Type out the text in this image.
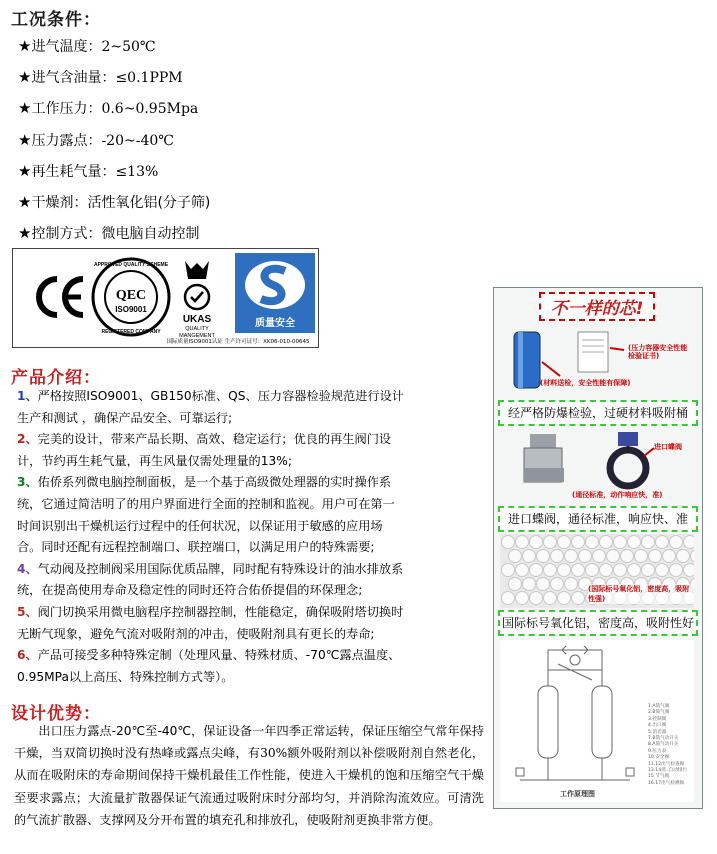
工况条件：
★进气温度：2~50℃
★进气含油量：≤0.1PPM
★工作压力：0.6~0.95Mpa
★压力露点：-20~-40℃
★再生耗气量：≤13%
★干燥剂：活性氧化铝(分子筛)
★控制方式：微电脑自动控制
APPROVED QUALITY SCHEME
QEC
ISO9001
REGISTERED COMPANY
UKAS
QUALITY
MANGEMENT
质量安全
国际质量ISO9001认证 生产许可证号：XK06-010-00645
产品介绍：
1、严格按照ISO9001、GB150标准、QS、压力容器检验规范进行设计
生产和测试 ，确保产品安全、可靠运行;
2、完美的设计，带来产品长期、高效、稳定运行；优良的再生阀门设
计，节约再生耗气量，再生风量仅需处理量的13%;
3、佑侨系列微电脑控制面板，是一个基于高级微处理器的实时操作系
统，它通过简洁明了的用户界面进行全面的控制和监视。用户可在第一
时间识别出干燥机运行过程中的任何状况，以保证用于敏感的应用场
合。同时还配有远程控制端口、联控端口，以满足用户的特殊需要;
4、气动阀及控制阀采用国际优质品牌，同时配有特殊设计的油水排放系
统，在提高使用寿命及稳定性的同时还符合佑侨提倡的环保理念;
5、阀门切换采用微电脑程序控制器控制，性能稳定，确保吸附塔切换时
无断气现象，避免气流对吸附剂的冲击，使吸附剂具有更长的寿命;
6、产品可接受多种特殊定制（处理风量、特殊材质、-70℃露点温度、
0.95MPa以上高压、特殊控制方式等）。
设计优势：
出口压力露点-20℃至-40℃，保证设备一年四季正常运转，保证压缩空气常年保持干燥，当双筒切换时没有热峰或露点尖峰，有30%额外吸附剂以补偿吸附剂自然老化，从而在吸附床的寿命期间保持干燥机最佳工作性能，使进入干燥机的饱和压缩空气干燥至要求露点；大流量扩散器保证气流通过吸附床时分部均匀，并消除沟流效应。可清洗的气流扩散器、支撑网及分开布置的填充孔和排放孔，使吸附剂更换非常方便。
不一样的芯!
(压力容器安全性能检验证书)
(材料送检，安全性能有保障)
经严格防爆检验，过硬材料吸附桶
进口蝶阀
(通径标准，动作响应快，准)
进口蝶阀，通径标准，响应快、准
(国际标号氧化铝，密度高，吸附性强)
国际标号氧化铝，密度高，吸附性好
工作原理图
1.A筒气阀
2.B筒气阀
3.控制阀
4.出口阀
5.消音器
7.B筒气动开关
8.A筒气动开关
9.压力表
10.安全阀
11.12出气检查阀
13.14消..自动排污
15.节气阀
16.17出气检测阀
